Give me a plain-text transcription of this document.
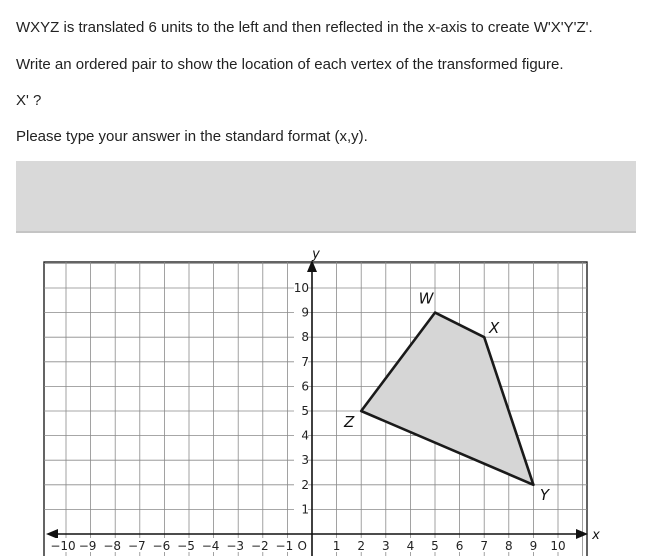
WXYZ is translated 6 units to the left and then reflected in the x-axis to create W'X'Y'Z'.

Write an ordered pair to show the location of each vertex of the transformed figure.

X' ?

Please type your answer in the standard format (x,y).

x
y
−10 −9 −8 −7 −6 −5 −4 −3 −2 −1	1 2 3 4 5 6 7 8 9 10
1
2
3
4
5
6
7
8
9
10
O
W
X
Y
Z
